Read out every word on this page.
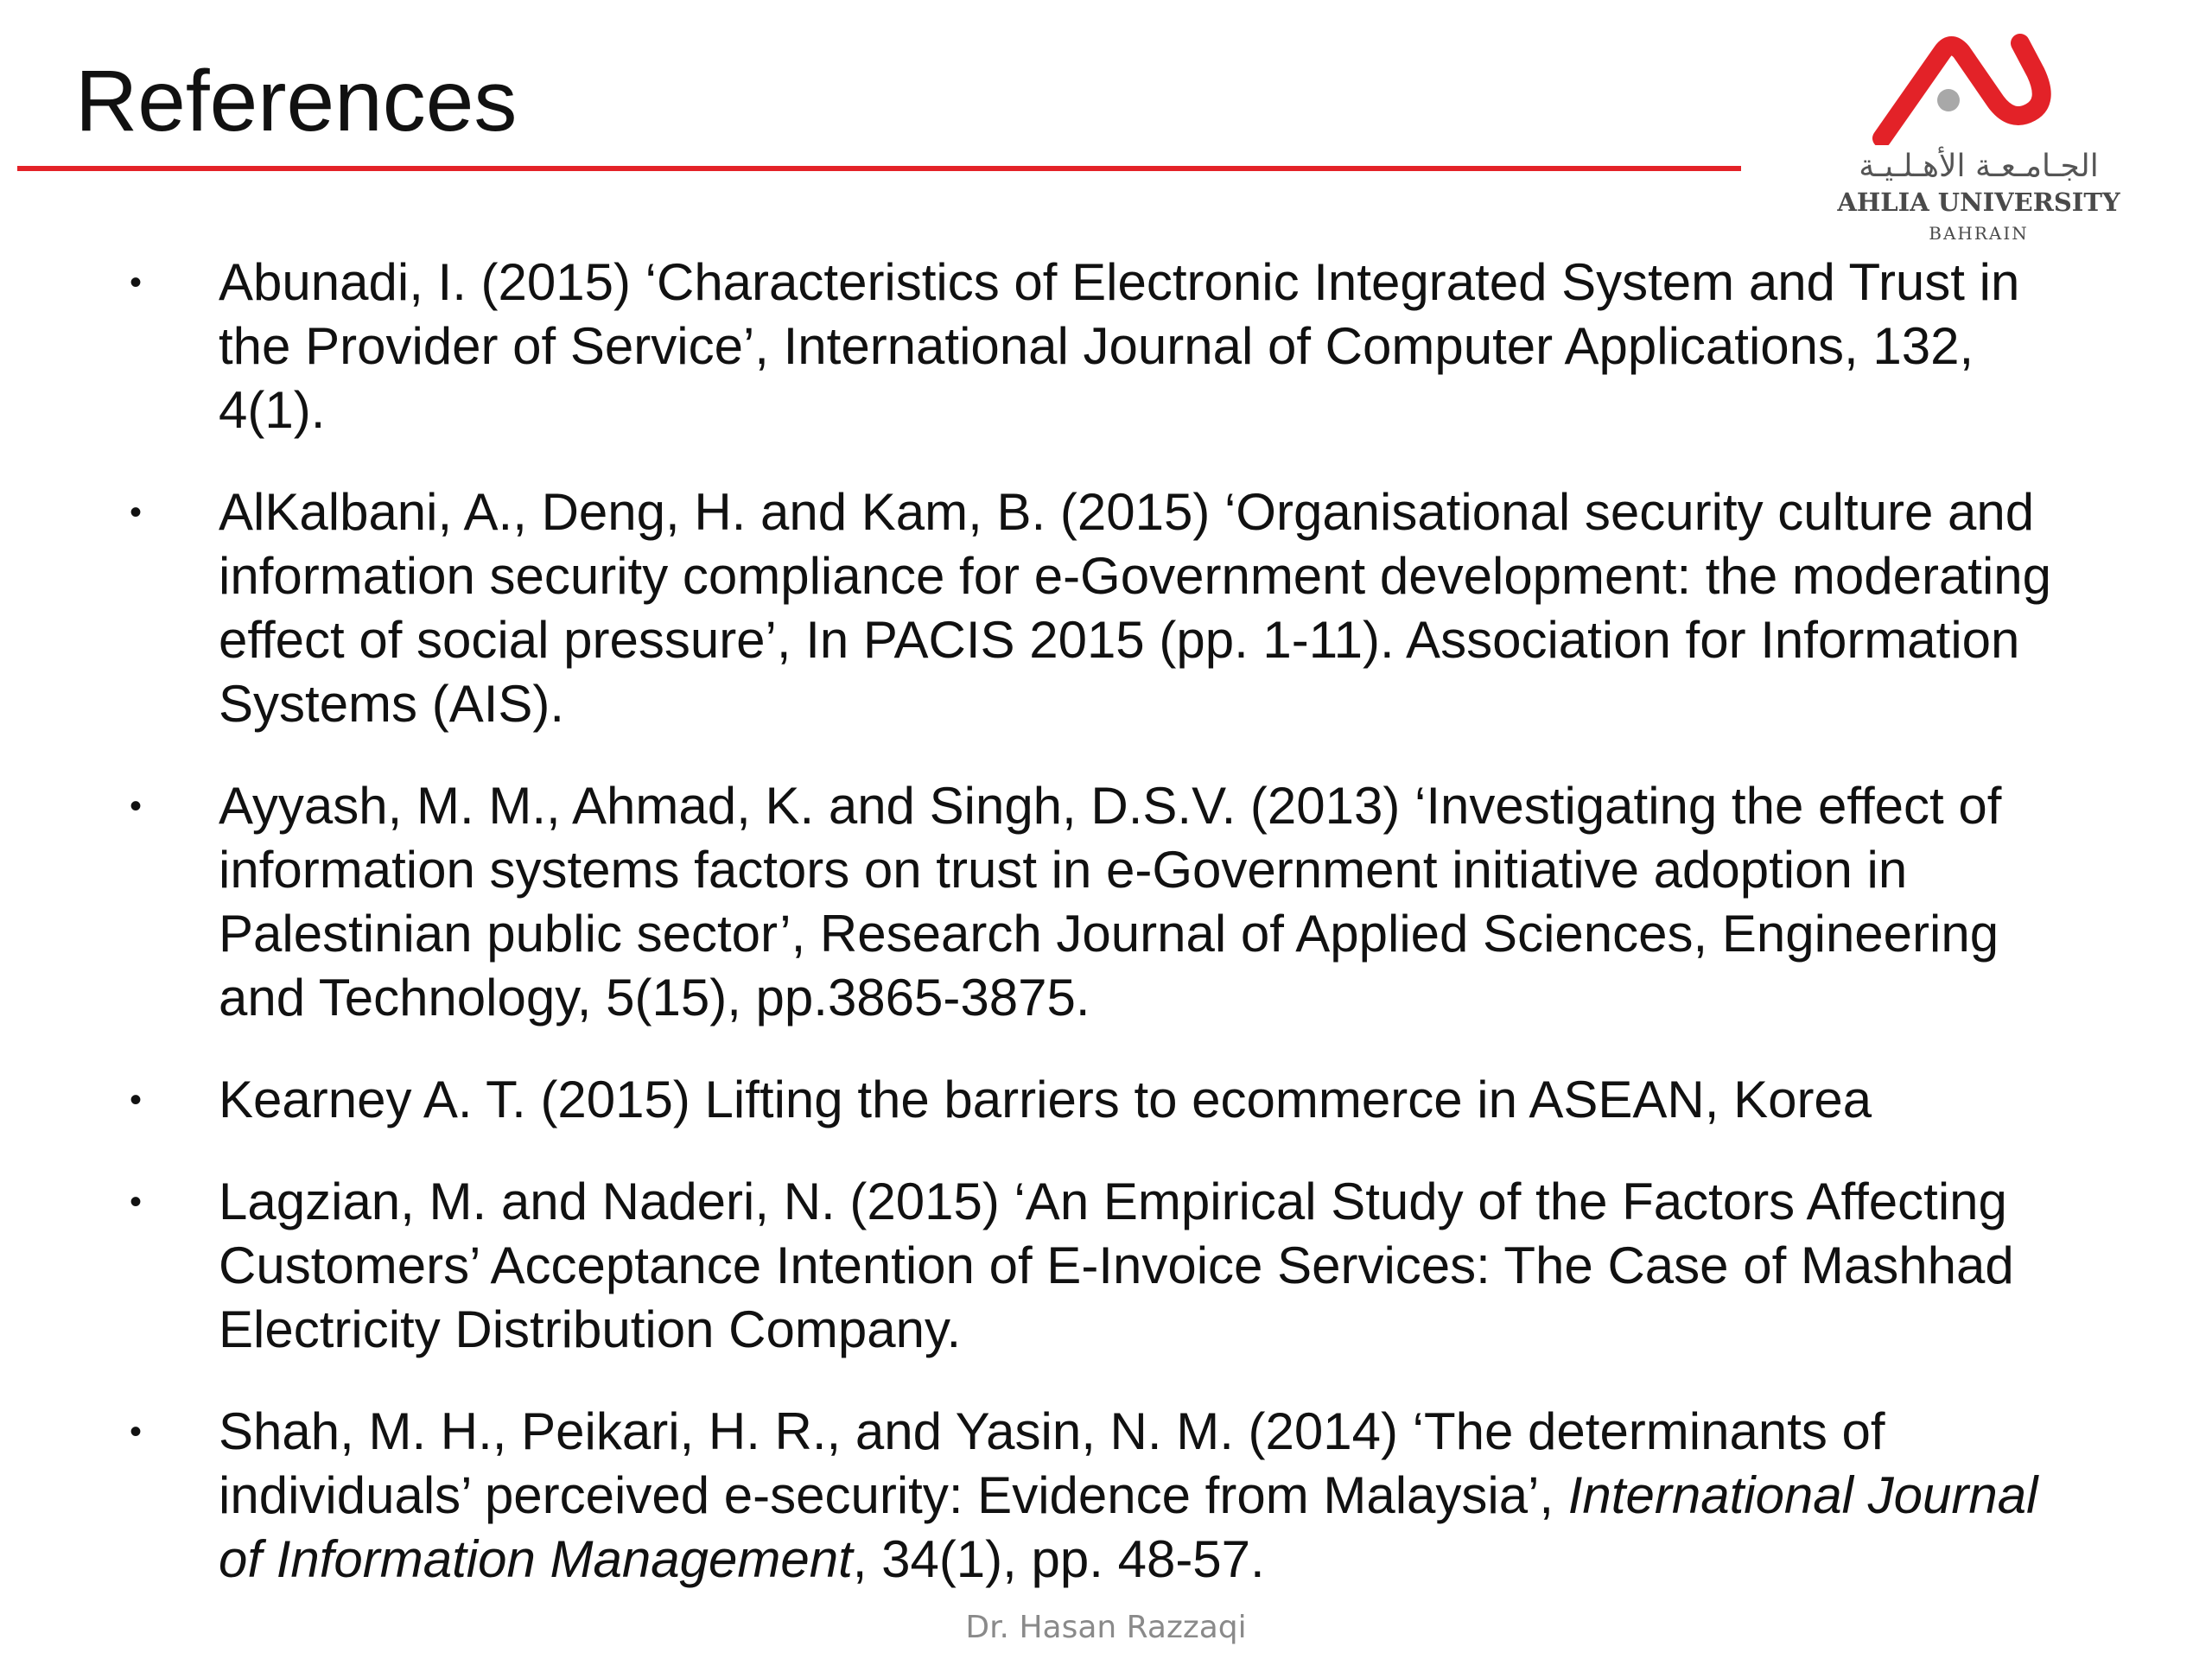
References
الجـامـعـة الأهـلـيـة
AHLIA UNIVERSITY
BAHRAIN
•	Abunadi, I. (2015) ‘Characteristics of Electronic Integrated System and Trust in the Provider of Service’, International Journal of Computer Applications, 132, 4(1).
•	AlKalbani, A., Deng, H. and Kam, B. (2015) ‘Organisational security culture and information security compliance for e-Government development: the moderating effect of social pressure’, In PACIS 2015 (pp. 1-11). Association for Information Systems (AIS).
•	Ayyash, M. M., Ahmad, K. and Singh, D.S.V. (2013) ‘Investigating the effect of information systems factors on trust in e-Government initiative adoption in Palestinian public sector’, Research Journal of Applied Sciences, Engineering and Technology, 5(15), pp.3865-3875.
•	Kearney A. T. (2015) Lifting the barriers to ecommerce in ASEAN, Korea
•	Lagzian, M. and Naderi, N. (2015) ‘An Empirical Study of the Factors Affecting Customers’ Acceptance Intention of E-Invoice Services: The Case of Mashhad Electricity Distribution Company.
•	Shah, M. H., Peikari, H. R., and Yasin, N. M. (2014) ‘The determinants of individuals’ perceived e-security: Evidence from Malaysia’, International Journal of Information Management, 34(1), pp. 48-57.
Dr. Hasan Razzaqi
